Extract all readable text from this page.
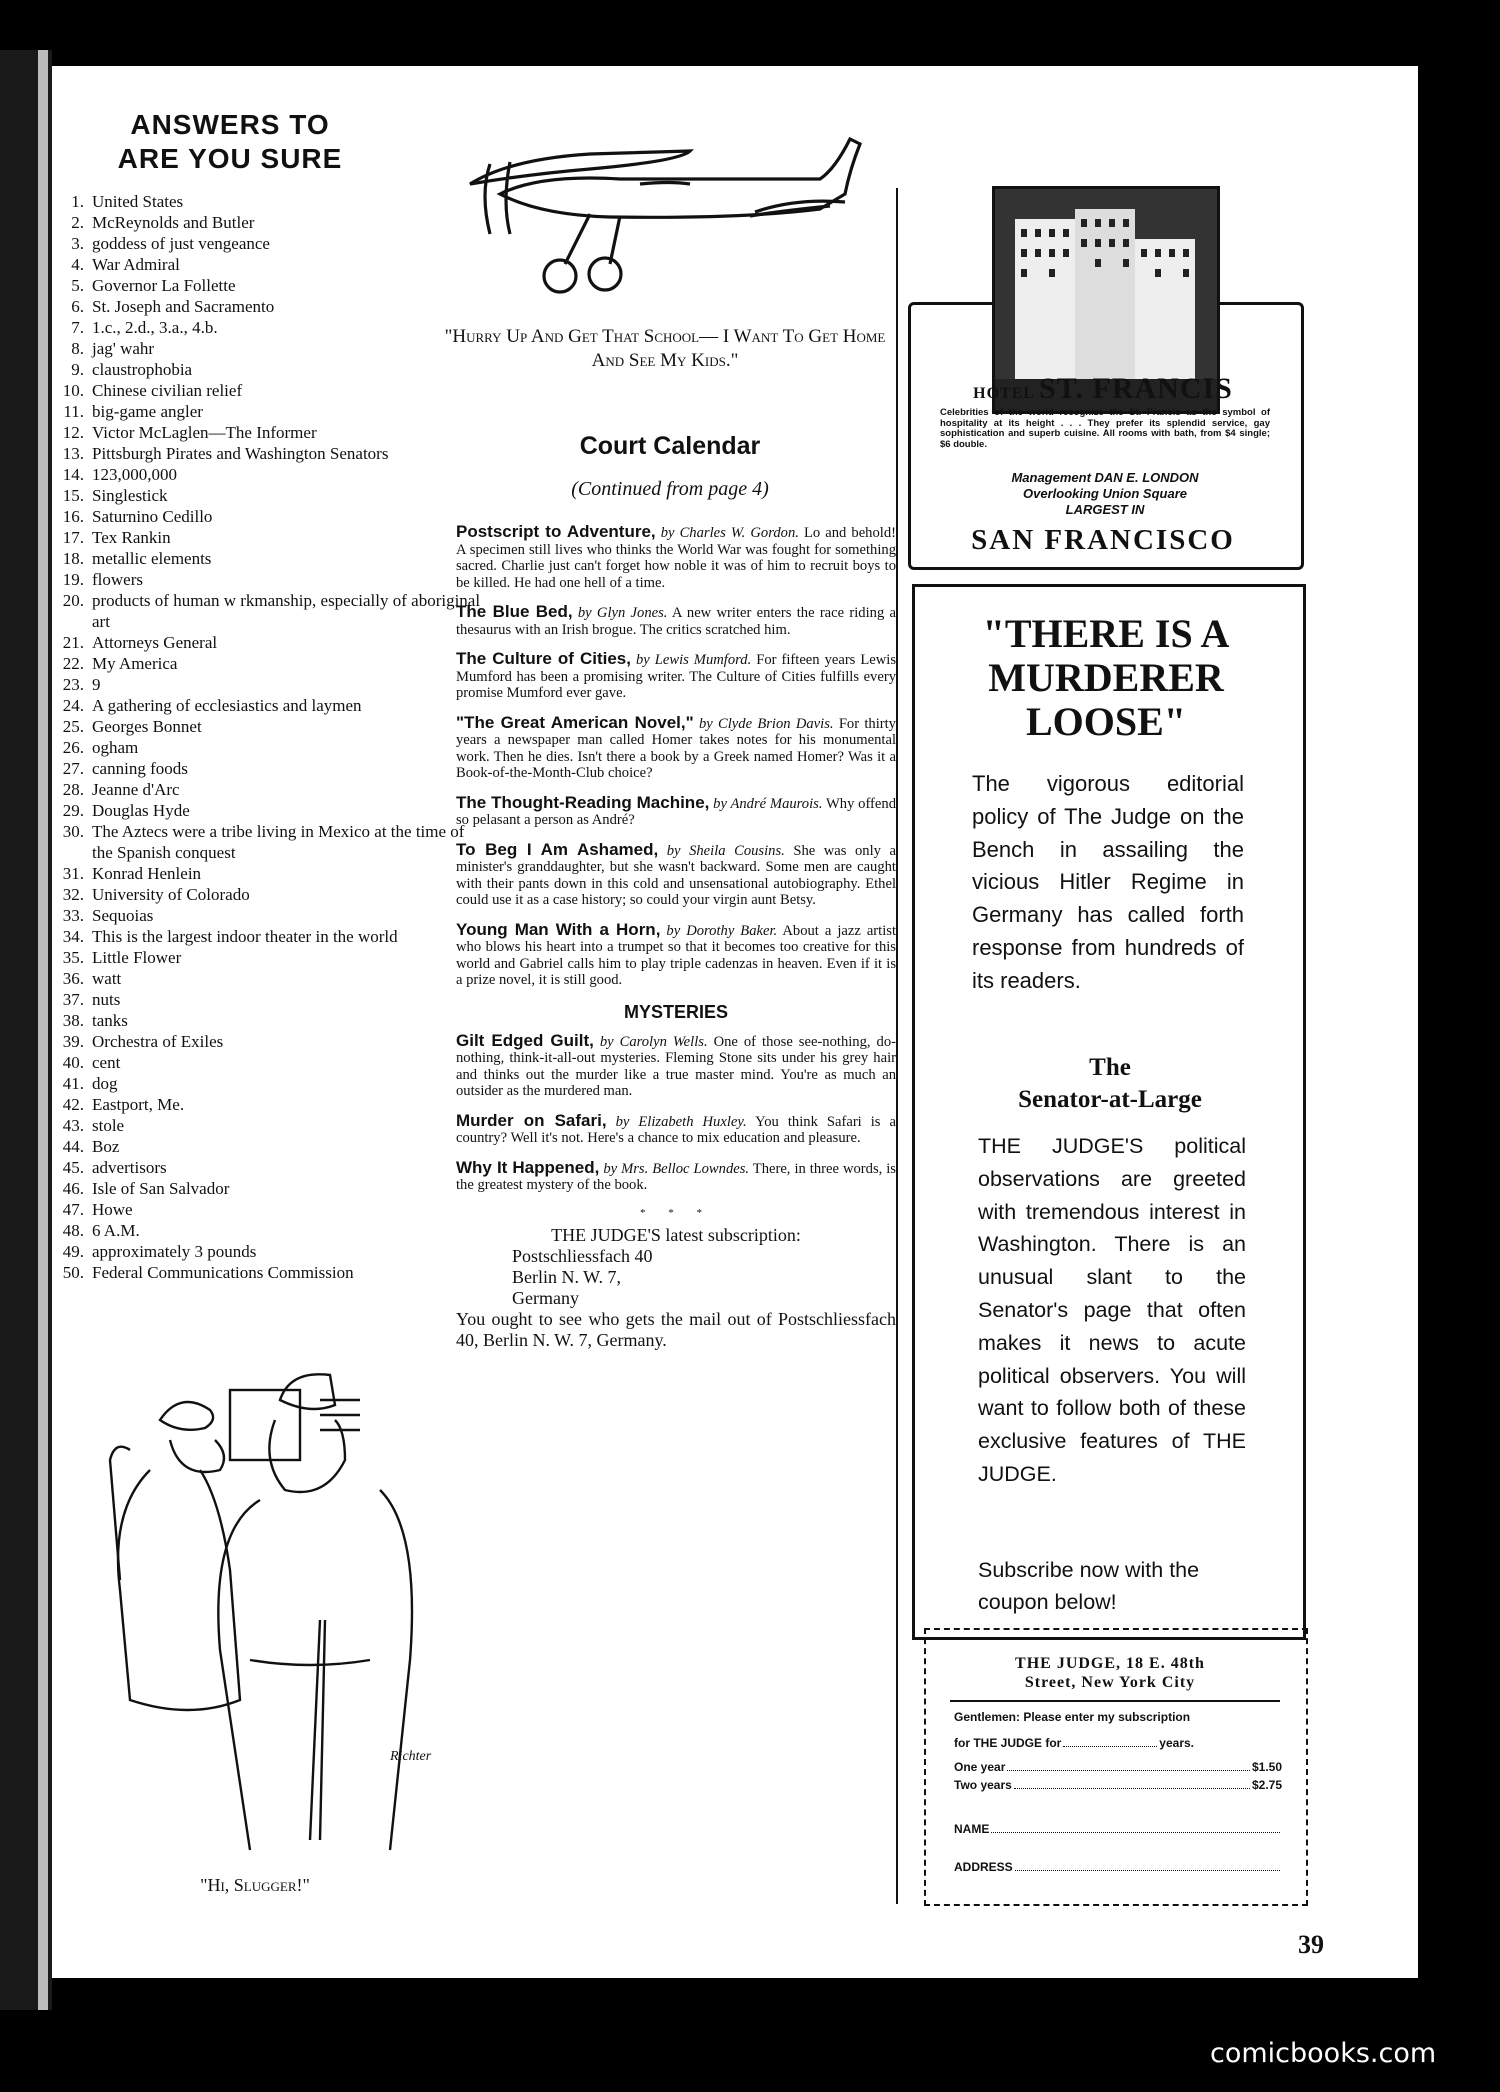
ANSWERS TO
ARE YOU SURE
1. United States
2. McReynolds and Butler
3. goddess of just vengeance
4. War Admiral
5. Governor La Follette
6. St. Joseph and Sacramento
7. 1.c., 2.d., 3.a., 4.b.
8. jag' wahr
9. claustrophobia
10. Chinese civilian relief
11. big-game angler
12. Victor McLaglen—The Informer
13. Pittsburgh Pirates and Washington Senators
14. 123,000,000
15. Singlestick
16. Saturnino Cedillo
17. Tex Rankin
18. metallic elements
19. flowers
20. products of human w rkmanship, especially of aboriginal art
21. Attorneys General
22. My America
23. 9
24. A gathering of ecclesiastics and laymen
25. Georges Bonnet
26. ogham
27. canning foods
28. Jeanne d'Arc
29. Douglas Hyde
30. The Aztecs were a tribe living in Mexico at the time of the Spanish conquest
31. Konrad Henlein
32. University of Colorado
33. Sequoias
34. This is the largest indoor theater in the world
35. Little Flower
36. watt
37. nuts
38. tanks
39. Orchestra of Exiles
40. cent
41. dog
42. Eastport, Me.
43. stole
44. Boz
45. advertisors
46. Isle of San Salvador
47. Howe
48. 6 A.M.
49. approximately 3 pounds
50. Federal Communications Commission
Richter
"Hi, Slugger!"
"Hurry Up And Get That School— I Want To Get Home And See My Kids."
Court Calendar
(Continued from page 4)
Postscript to Adventure, by Charles W. Gordon. Lo and behold! A specimen still lives who thinks the World War was fought for something sacred. Charlie just can't forget how noble it was of him to recruit boys to be killed. He had one hell of a time.
The Blue Bed, by Glyn Jones. A new writer enters the race riding a thesaurus with an Irish brogue. The critics scratched him.
The Culture of Cities, by Lewis Mumford. For fifteen years Lewis Mumford has been a promising writer. The Culture of Cities fulfills every promise Mumford ever gave.
"The Great American Novel," by Clyde Brion Davis. For thirty years a newspaper man called Homer takes notes for his monumental work. Then he dies. Isn't there a book by a Greek named Homer? Was it a Book-of-the-Month-Club choice?
The Thought-Reading Machine, by André Maurois. Why offend so pelasant a person as André?
To Beg I Am Ashamed, by Sheila Cousins. She was only a minister's granddaughter, but she wasn't backward. Some men are caught with their pants down in this cold and unsensational autobiography. Ethel could use it as a case history; so could your virgin aunt Betsy.
Young Man With a Horn, by Dorothy Baker. About a jazz artist who blows his heart into a trumpet so that it becomes too creative for this world and Gabriel calls him to play triple cadenzas in heaven. Even if it is a prize novel, it is still good.
MYSTERIES
Gilt Edged Guilt, by Carolyn Wells. One of those see-nothing, do-nothing, think-it-all-out mysteries. Fleming Stone sits under his grey hair and thinks out the murder like a true master mind. You're as much an outsider as the murdered man.
Murder on Safari, by Elizabeth Huxley. You think Safari is a country? Well it's not. Here's a chance to mix education and pleasure.
Why It Happened, by Mrs. Belloc Lowndes. There, in three words, is the greatest mystery of the book.
* * *
THE JUDGE'S latest subscription:
Postschliessfach 40
Berlin N. W. 7,
Germany
You ought to see who gets the mail out of Postschliessfach 40, Berlin N. W. 7, Germany.
HOTEL ST. FRANCIS
Celebrities of the world recognize the St. Francis as the symbol of hospitality at its height . . . They prefer its splendid service, gay sophistication and superb cuisine. All rooms with bath, from $4 single; $6 double.
Management DAN E. LONDON
Overlooking Union Square
LARGEST IN
SAN FRANCISCO
"THERE IS A
MURDERER
LOOSE"
The vigorous editorial policy of The Judge on the Bench in assailing the vicious Hitler Regime in Germany has called forth response from hundreds of its readers.
The
Senator-at-Large
THE JUDGE'S political observations are greeted with tremendous interest in Washington. There is an unusual slant to the Senator's page that often makes it news to acute political observers. You will want to follow both of these exclusive features of THE JUDGE.
Subscribe now with the coupon below!
THE JUDGE, 18 E. 48th
Street, New York City
Gentlemen: Please enter my subscription
for THE JUDGE for	years.
One year	$1.50
Two years	$2.75
NAME
ADDRESS
39
comicbooks.com
